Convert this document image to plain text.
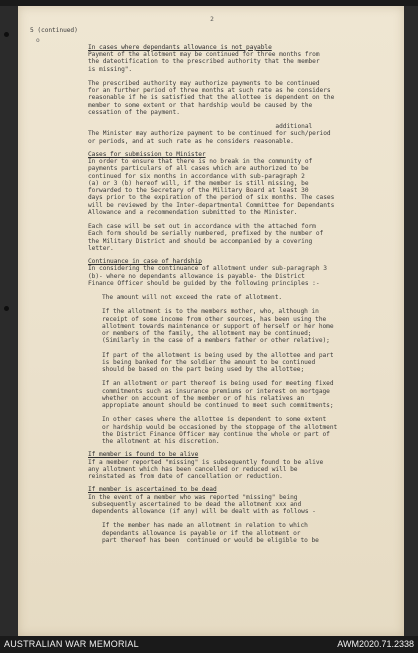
2
5 (continued)
o
In cases where dependants allowance is not payable
Payment of the allotment may be continued for three months from
the dateotification to the prescribed authority that the member
is missing".
The prescribed authority may authorize payments to be continued
for an further period of three months at such rate as he considers
reasonable if he is satisfied that the allottee is dependent on the
member to some extent or that hardship would be caused by the
cessation of the payment.
additional
The Minister may authorize payment to be continued for such/period
or periods, and at such rate as he considers reasonable.
Cases for submission to Minister
In order to ensure that there is no break in the community of
payments particulars of all cases which are authorized to be
continued for six months in accordance with sub-paragraph 2
(a) or 3 (b) hereof will, if the member is still missing, be
forwarded to the Secretary of the Military Board at least 30
days prior to the expiration of the period of six months. The cases
will be reviewed by the Inter-departmental Committee for Dependants
Allowance and a recommendation submitted to the Minister.
Each case will be set out in accordance with the attached form
Each form should be serially numbered, prefixed by the number of
the Military District and should be accompanied by a covering
letter.
Continuance in case of hardship
In considering the continuance of allotment under sub-paragraph 3
(b)- where no dependants allowance is payable- the District
Finance Officer should be guided by the following principles :-
The amount will not exceed the rate of allotment.
If the allotment is to the members mother, who, although in
receipt of some income from other sources, has been using the
allotment towards maintenance or support of herself or her home
or members of the family, the allotment may be continued;
(Similarly in the case of a members father or other relative);
If part of the allotment is being used by the allottee and part
is being banked for the soldier the amount to be continued
should be based on the part being used by the allottee;
If an allotment or part thereof is being used for meeting fixed
commitments such as insurance premiums or interest on mortgage
whether on account of the member or of his relatives an
appropiate amount should be continued to meet such commitments;
In other cases where the allottee is dependent to some extent
or hardship would be occasioned by the stoppage of the allotment
the District Finance Officer may continue the whole or part of
the allotment at his discretion.
If member is found to be alive
If a member reported "missing" is subsequently found to be alive
any allotment which has been cancelled or reduced will be
reinstated as from date of cancellation or reduction.
If member is ascertained to be dead
In the event of a member who was reported "missing" being
subsequently ascertained to be dead the allotment xxx and
dependents allowance (if any) will be dealt with as follows -
If the member has made an allotment in relation to which
dependants allowance is payable or if the allotment or
part thereof has been  continued or would be eligible to be
AUSTRALIAN WAR MEMORIAL	AWM2020.71.2338
